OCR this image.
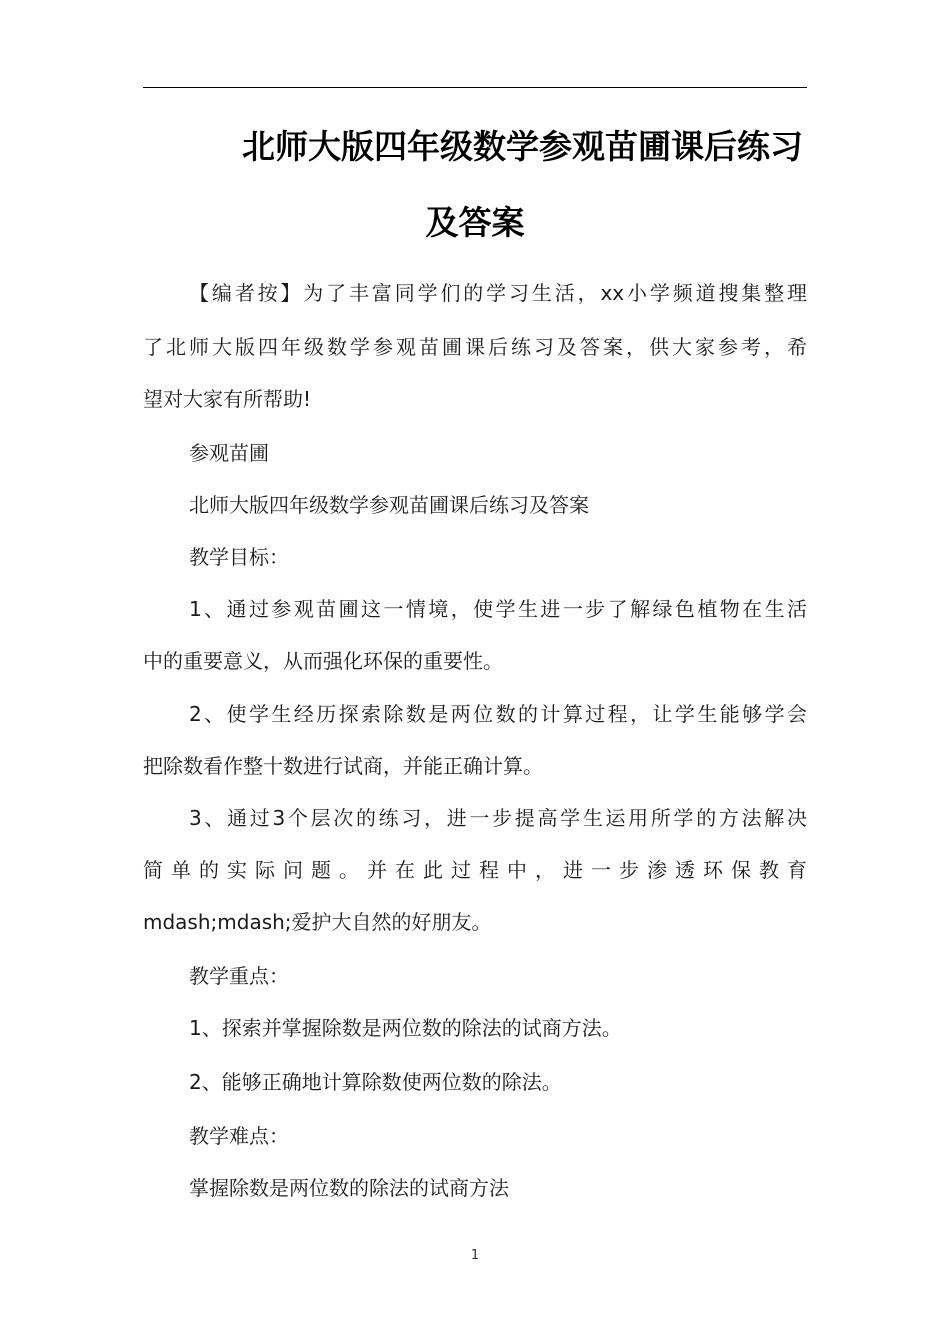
北师大版四年级数学参观苗圃课后练习
及答案
【编者按】为了丰富同学们的学习生活，xx小学频道搜集整理
了北师大版四年级数学参观苗圃课后练习及答案，供大家参考，希
望对大家有所帮助!
参观苗圃
北师大版四年级数学参观苗圃课后练习及答案
教学目标：
1、通过参观苗圃这一情境，使学生进一步了解绿色植物在生活
中的重要意义，从而强化环保的重要性。
2、使学生经历探索除数是两位数的计算过程，让学生能够学会
把除数看作整十数进行试商，并能正确计算。
3、通过3个层次的练习，进一步提高学生运用所学的方法解决
简单的实际问题。并在此过程中，进一步渗透环保教育
mdash;mdash;爱护大自然的好朋友。
教学重点：
1、探索并掌握除数是两位数的除法的试商方法。
2、能够正确地计算除数使两位数的除法。
教学难点：
掌握除数是两位数的除法的试商方法
1
